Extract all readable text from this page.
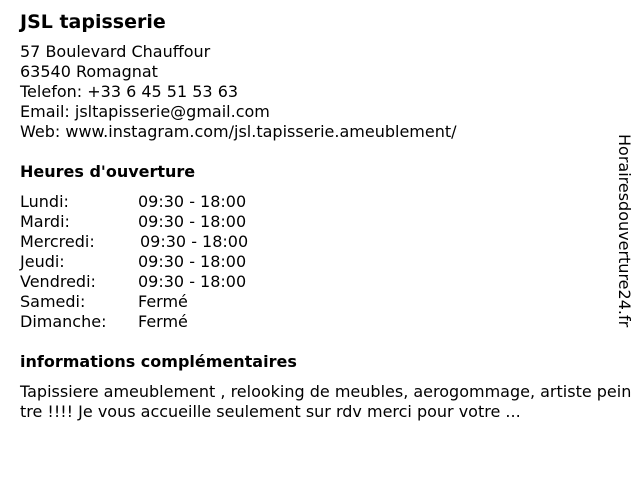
JSL tapisserie
57 Boulevard Chauffour
63540 Romagnat
Telefon: +33 6 45 51 53 63
Email: jsltapisserie@gmail.com
Web: www.instagram.com/jsl.tapisserie.ameublement/
Heures d'ouverture
Lundi:	09:30 - 18:00
Mardi:	09:30 - 18:00
Mercredi:	09:30 - 18:00
Jeudi:	09:30 - 18:00
Vendredi:	09:30 - 18:00
Samedi:	Fermé
Dimanche: Fermé
informations complémentaires
Tapissiere ameublement , relooking de meubles, aerogommage, artiste peintre !!!! Je vous accueille seulement sur rdv merci pour votre ...
Horairesdouverture24.fr
